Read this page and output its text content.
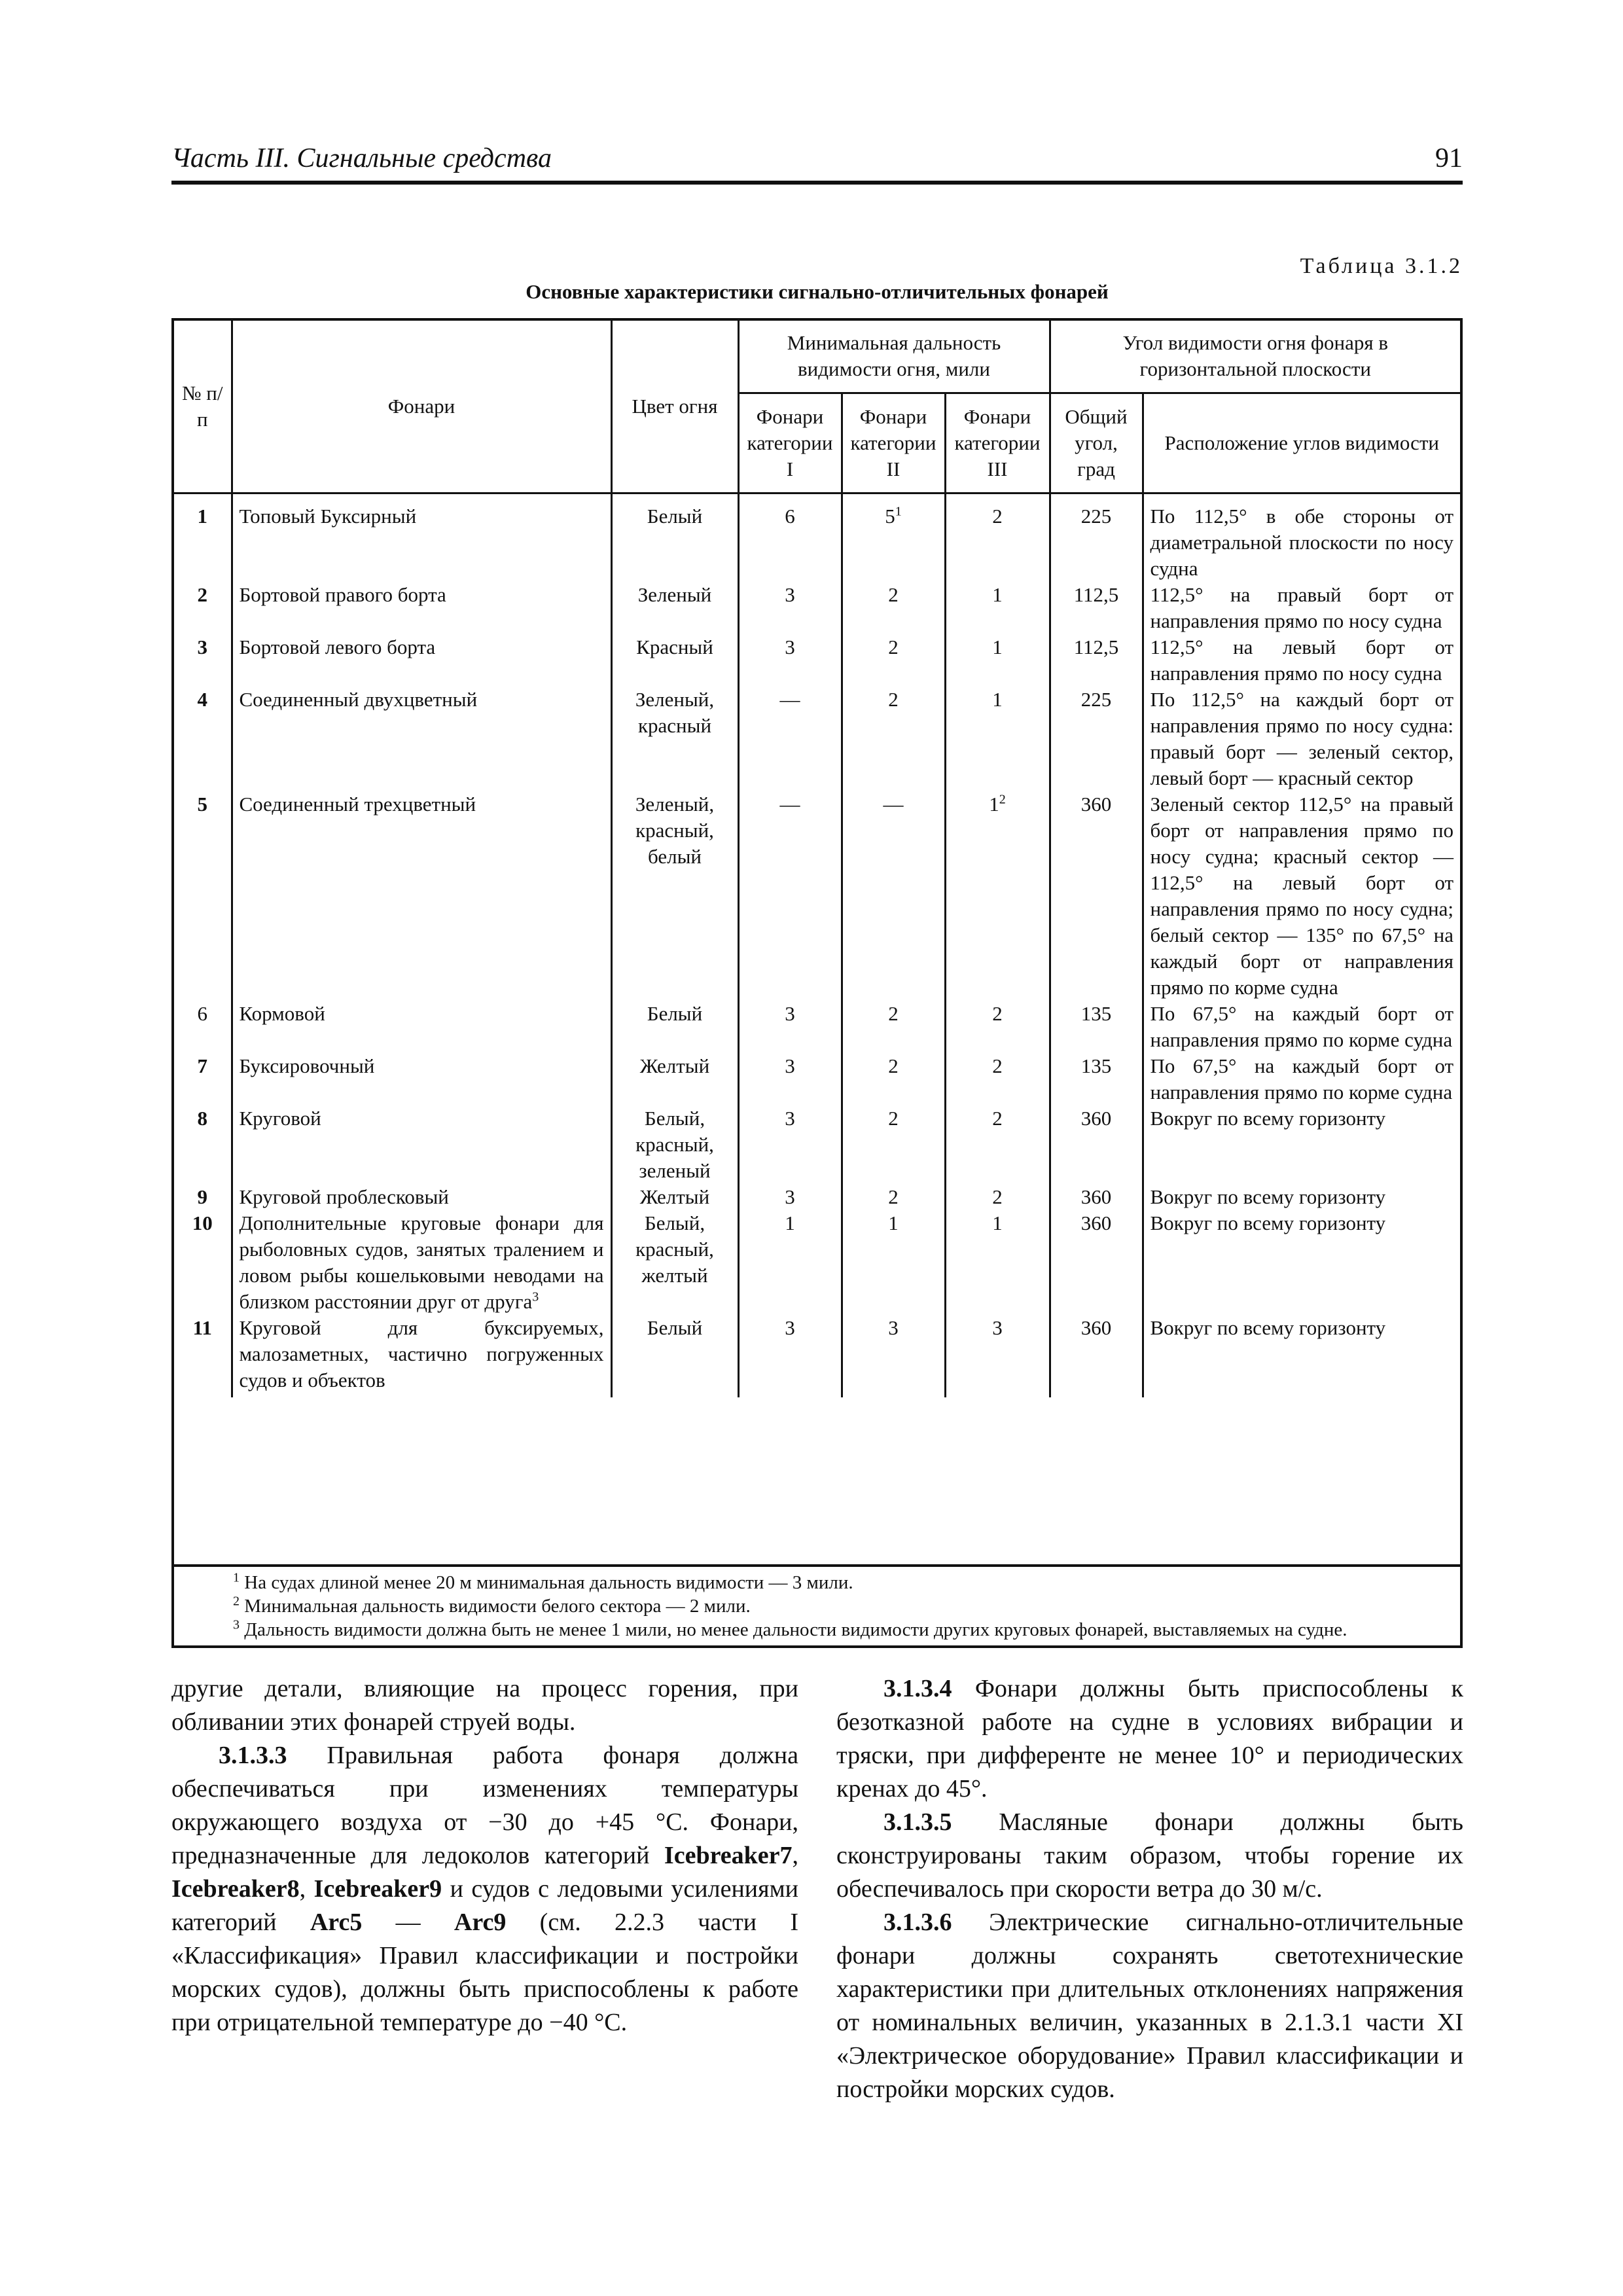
Часть III. Сигнальные средства	91
Таблица 3.1.2
Основные характеристики сигнально-отличительных фонарей
№ п/п	Фонари	Цвет огня	Минимальная дальность видимости огня, мили			Угол видимости огня фонаря в горизонтальной плоскости	
			Фонари категории I	Фонари категории II	Фонари категории III	Общий угол, град	Расположение углов видимости
1	Топовый Буксирный	Белый	6	$5^1$	2	225	По 112,5° в обе стороны от диаметральной плоскости по носу судна
2	Бортовой правого борта	Зеленый	3	2	1	112,5	112,5° на правый борт от направления прямо по носу судна
3	Бортовой левого борта	Красный	3	2	1	112,5	112,5° на левый борт от направления прямо по носу судна
4	Соединенный двухцветный	Зеленый, красный	—	2	1	225	По 112,5° на каждый борт от направления прямо по носу судна: правый борт — зеленый сектор, левый борт — красный сектор
5	Соединенный трехцветный	Зеленый, красный, белый	—	—	$1^2$	360	Зеленый сектор 112,5° на правый борт от направления прямо по носу судна; красный сектор — 112,5° на левый борт от направления прямо по носу судна; белый сектор — 135° по 67,5° на каждый борт от направления прямо по корме судна
6	Кормовой	Белый	3	2	2	135	По 67,5° на каждый борт от направления прямо по корме судна
7	Буксировочный	Желтый	3	2	2	135	По 67,5° на каждый борт от направления прямо по корме судна
8	Круговой	Белый, красный, зеленый	3	2	2	360	Вокруг по всему горизонту
9	Круговой проблесковый	Желтый	3	2	2	360	Вокруг по всему горизонту
10	Дополнительные круговые фонари для рыболовных судов, занятых тралением и ловом рыбы кошельковыми неводами на близком расстоянии друг от друга$^3$	Белый, красный, желтый	1	1	1	360	Вокруг по всему горизонту
11	Круговой для буксируемых, малозаметных, частично погруженных судов и объектов	Белый	3	3	3	360	Вокруг по всему горизонту

$^1$ На судах длиной менее 20 м минимальная дальность видимости — 3 мили.

$^2$ Минимальная дальность видимости белого сектора — 2 мили.

$^3$ Дальность видимости должна быть не менее 1 мили, но менее дальности видимости других круговых фонарей, выставляемых на судне.

другие детали, влияющие на процесс горения, при обливании этих фонарей струей воды.

3.1.3.3 Правильная работа фонаря должна обеспечиваться при изменениях температуры окружающего воздуха от −30 до +45 °С. Фонари, предназначенные для ледоколов категорий Icebreaker7, Icebreaker8, Icebreaker9 и судов с ледовыми усилениями категорий Arc5 — Arc9 (см. 2.2.3 части I «Классификация» Правил классификации и постройки морских судов), должны быть приспособлены к работе при отрицательной температуре до −40 °С.

3.1.3.4 Фонари должны быть приспособлены к безотказной работе на судне в условиях вибрации и тряски, при дифференте не менее 10° и периодических кренах до 45°.

3.1.3.5 Масляные фонари должны быть сконструированы таким образом, чтобы горение их обеспечивалось при скорости ветра до 30 м/с.

3.1.3.6 Электрические сигнально-отличительные фонари должны сохранять светотехнические характеристики при длительных отклонениях напряжения от номинальных величин, указанных в 2.1.3.1 части XI «Электрическое оборудование» Правил классификации и постройки морских судов.
